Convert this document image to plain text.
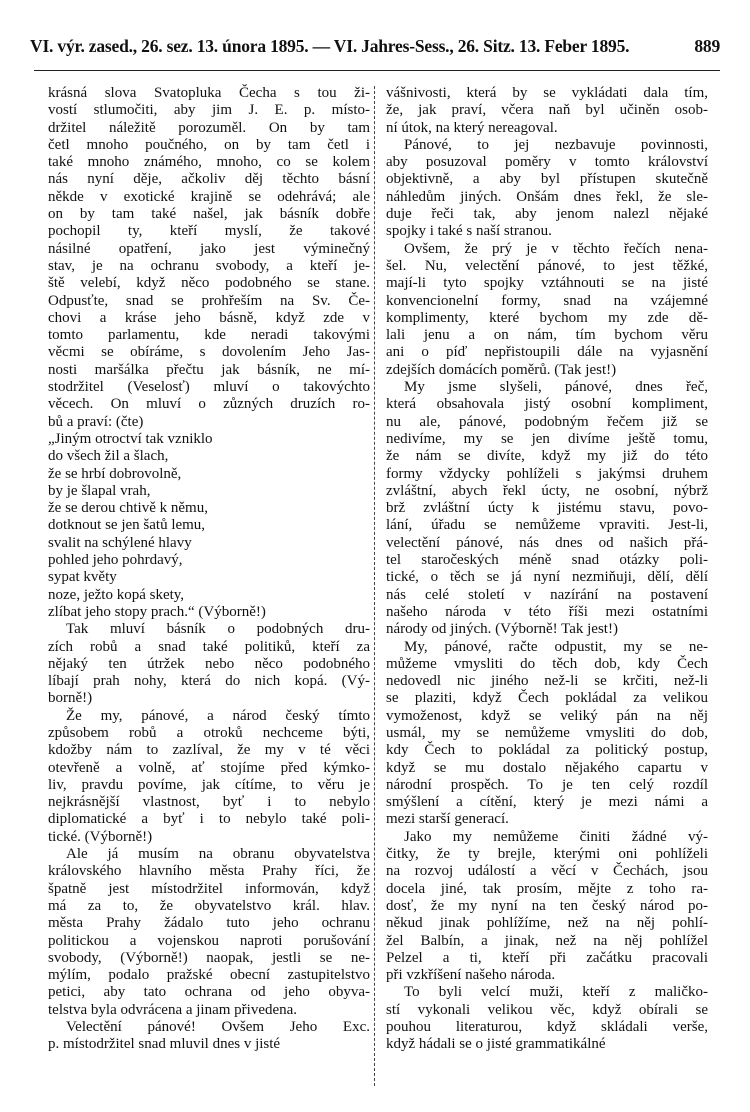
VI. výr. zased., 26. sez. 13. února 1895. — VI. Jahres-Sess., 26. Sitz. 13. Feber 1895.	889
krásná slova Svatopluka Čecha s tou ži-
vostí stlumočiti, aby jim J. E. p. místo-
držitel náležitě porozuměl. On by tam
četl mnoho poučného, on by tam četl i
také mnoho známého, mnoho, co se kolem
nás nyní děje, ačkoliv děj těchto básní
někde v exotické krajině se odehrává; ale
on by tam také našel, jak básník dobře
pochopil ty, kteří myslí, že takové
násilné opatření, jako jest výminečný
stav, je na ochranu svobody, a kteří je-
ště velebí, když něco podobného se stane.
Odpusťte, snad se prohřeším na Sv. Če-
chovi a kráse jeho básně, když zde v
tomto parlamentu, kde neradi takovými
věcmi se obíráme, s dovolením Jeho Jas-
nosti maršálka přečtu jak básník, ne mí-
stodržitel (Veselosť) mluví o takovýchto
věcech. On mluví o zůzných druzích ro-
bů a praví: (čte)
„Jiným otroctví tak vzniklo
do všech žil a šlach,
že se hrbí dobrovolně,
by je šlapal vrah,
že se derou chtivě k němu,
dotknout se jen šatů lemu,
svalit na schýlené hlavy
pohled jeho pohrdavý,
sypat květy
noze, ježto kopá skety,
zlíbat jeho stopy prach.“ (Výborně!)
Tak mluví básník o podobných dru-
zích robů a snad také politiků, kteří za
nějaký ten útržek nebo něco podobného
líbají prah nohy, která do nich kopá. (Vý-
borně!)
Že my, pánové, a národ český tímto
způsobem robů a otroků nechceme býti,
kdožby nám to zazlíval, že my v té věci
otevřeně a volně, ať stojíme před kýmko-
liv, pravdu povíme, jak cítíme, to věru je
nejkrásnější vlastnost, byť i to nebylo
diplomatické a byť i to nebylo také poli-
tické. (Výborně!)
Ale já musím na obranu obyvatelstva
královského hlavního města Prahy říci, že
špatně jest místodržitel informován, když
má za to, že obyvatelstvo král. hlav.
města Prahy žádalo tuto jeho ochranu
politickou a vojenskou naproti porušování
svobody, (Výborně!) naopak, jestli se ne-
mýlím, podalo pražské obecní zastupitelstvo
petici, aby tato ochrana od jeho obyva-
telstva byla odvrácena a jinam přivedena.
Velectění pánové! Ovšem Jeho Exc.
p. místodržitel snad mluvil dnes v jisté
vášnivosti, která by se vykládati dala tím,
že, jak praví, včera naň byl učiněn osob-
ní útok, na který nereagoval.
Pánové, to jej nezbavuje povinnosti,
aby posuzoval poměry v tomto království
objektivně, a aby byl přístupen skutečně
náhledům jiných. Onšám dnes řekl, že sle-
duje řeči tak, aby jenom nalezl nějaké
spojky i také s naší stranou.
Ovšem, že prý je v těchto řečích nena-
šel. Nu, velectění pánové, to jest těžké,
mají-li tyto spojky vztáhnouti se na jisté
konvencionelní formy, snad na vzájemné
komplimenty, které bychom my zde dě-
lali jenu a on nám, tím bychom věru
ani o píď nepřistoupili dále na vyjasnění
zdejších domácích poměrů. (Tak jest!)
My jsme slyšeli, pánové, dnes řeč,
která obsahovala jistý osobní kompliment,
nu ale, pánové, podobným řečem již se
nedivíme, my se jen divíme ještě tomu,
že nám se divíte, když my již do této
formy vždycky pohlíželi s jakýmsi druhem
zvláštní, abych řekl úcty, ne osobní, nýbrž
brž zvláštní úcty k jistému stavu, povo-
lání, úřadu se nemůžeme vpraviti. Jest-li,
velectění pánové, nás dnes od našich přá-
tel staročeských méně snad otázky poli-
tické, o těch se já nyní nezmiňuji, dělí, dělí
nás celé století v nazírání na postavení
našeho národa v této říši mezi ostatními
národy od jiných. (Výborně! Tak jest!)
My, pánové, račte odpustit, my se ne-
můžeme vmysliti do těch dob, kdy Čech
nedovedl nic jiného než-li se krčiti, než-li
se plaziti, když Čech pokládal za velikou
vymoženost, když se veliký pán na něj
usmál, my se nemůžeme vmysliti do dob,
kdy Čech to pokládal za politický postup,
když se mu dostalo nějakého capartu v
národní prospěch. To je ten celý rozdíl
smýšlení a cítění, který je mezi námi a
mezi starší generací.
Jako my nemůžeme činiti žádné vý-
čitky, že ty brejle, kterými oni pohlíželi
na rozvoj událostí a věcí v Čechách, jsou
docela jiné, tak prosím, mějte z toho ra-
dosť, že my nyní na ten český národ po-
někud jinak pohlížíme, než na něj pohlí-
žel Balbín, a jinak, než na něj pohlížel
Pelzel a ti, kteří při začátku pracovali
při vzkříšení našeho národa.
To byli velcí muži, kteří z maličko-
stí vykonali velikou věc, když obírali se
pouhou literaturou, když skládali verše,
když hádali se o jisté grammatikálné
